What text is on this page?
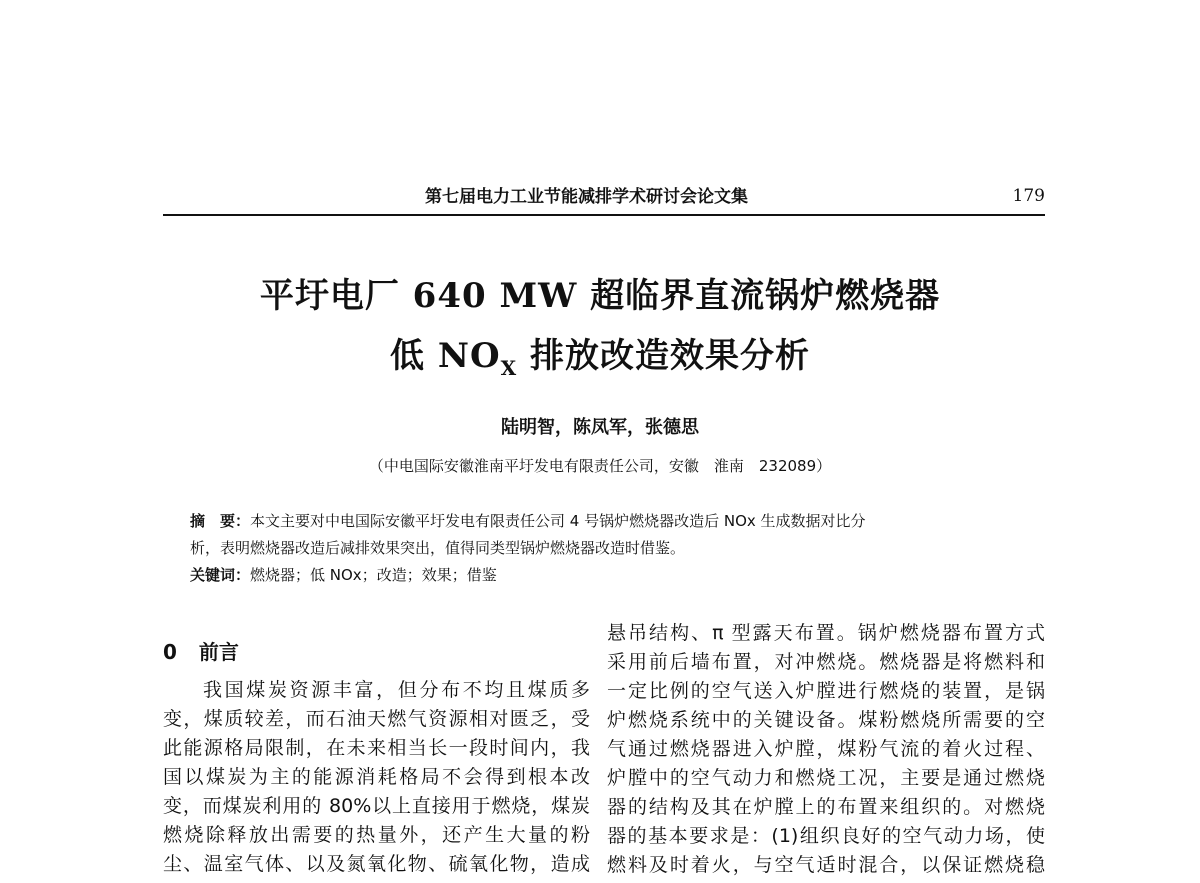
第七届电力工业节能减排学术研讨会论文集	179
平圩电厂 640 MW 超临界直流锅炉燃烧器
低 $NO_X$ 排放改造效果分析
陆明智，陈凤军，张德思
（中电国际安徽淮南平圩发电有限责任公司，安徽　淮南　232089）
摘　要：本文主要对中电国际安徽平圩发电有限责任公司 4 号锅炉燃烧器改造后 NOx 生成数据对比分
析，表明燃烧器改造后减排效果突出，值得同类型锅炉燃烧器改造时借鉴。
关键词：燃烧器；低 NOx；改造；效果；借鉴
0 前言
我国煤炭资源丰富，但分布不均且煤质多
变，煤质较差，而石油天燃气资源相对匮乏，受
此能源格局限制，在未来相当长一段时间内，我
国以煤炭为主的能源消耗格局不会得到根本改
变，而煤炭利用的 80%以上直接用于燃烧，煤炭
燃烧除释放出需要的热量外，还产生大量的粉
尘、温室气体、以及氮氧化物、硫氧化物，造成
悬吊结构、π 型露天布置。锅炉燃烧器布置方式
采用前后墙布置，对冲燃烧。燃烧器是将燃料和
一定比例的空气送入炉膛进行燃烧的装置，是锅
炉燃烧系统中的关键设备。煤粉燃烧所需要的空
气通过燃烧器进入炉膛，煤粉气流的着火过程、
炉膛中的空气动力和燃烧工况，主要是通过燃烧
器的结构及其在炉膛上的布置来组织的。对燃烧
器的基本要求是：(1)组织良好的空气动力场，使
燃料及时着火，与空气适时混合，以保证燃烧稳
